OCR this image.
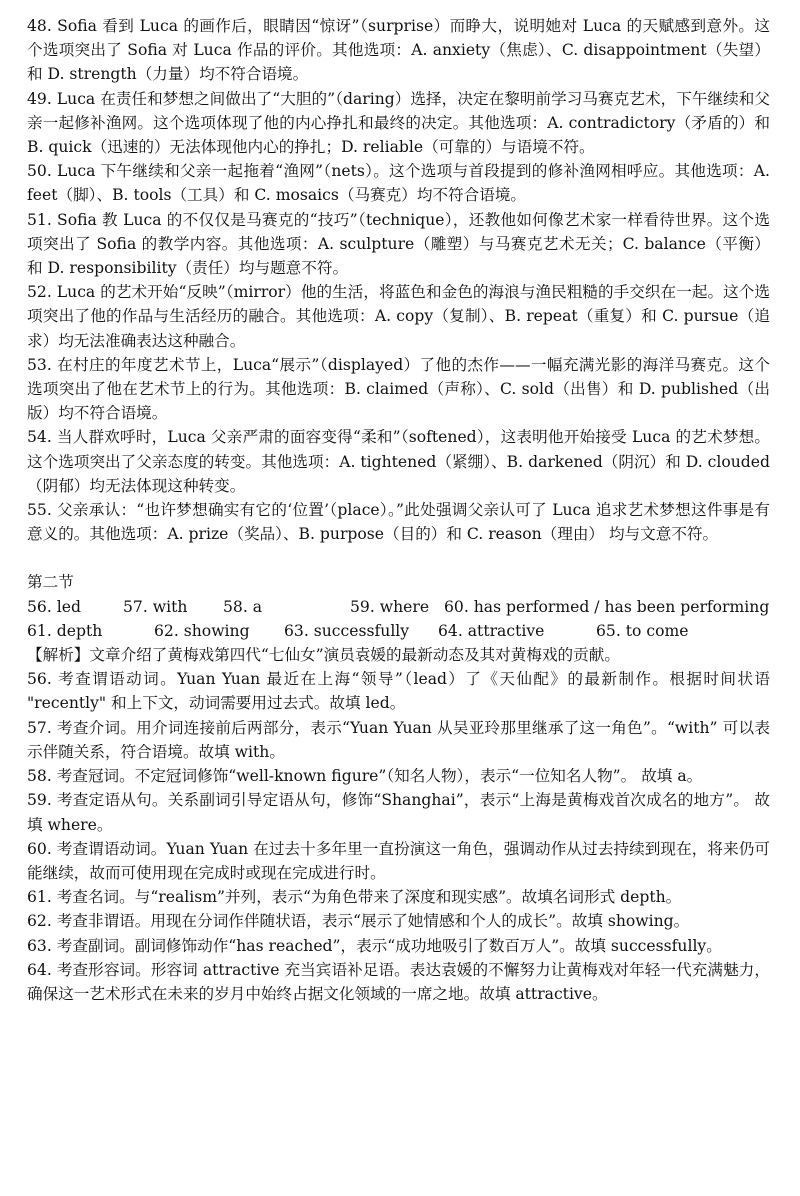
48. Sofia 看到 Luca 的画作后，眼睛因“惊讶”（surprise）而睁大，说明她对 Luca 的天赋感到意外。这个选项突出了 Sofia 对 Luca 作品的评价。其他选项：A. anxiety（焦虑）、C. disappointment（失望）和 D. strength（力量）均不符合语境。

49. Luca 在责任和梦想之间做出了“大胆的”（daring）选择，决定在黎明前学习马赛克艺术，下午继续和父亲一起修补渔网。这个选项体现了他的内心挣扎和最终的决定。其他选项：A. contradictory（矛盾的）和 B. quick（迅速的）无法体现他内心的挣扎；D. reliable（可靠的）与语境不符。

50. Luca 下午继续和父亲一起拖着“渔网”（nets）。这个选项与首段提到的修补渔网相呼应。其他选项：A. feet（脚）、B. tools（工具）和 C. mosaics（马赛克）均不符合语境。

51. Sofia 教 Luca 的不仅仅是马赛克的“技巧”（technique），还教他如何像艺术家一样看待世界。这个选项突出了 Sofia 的教学内容。其他选项：A. sculpture（雕塑）与马赛克艺术无关；C. balance（平衡）和 D. responsibility（责任）均与题意不符。

52. Luca 的艺术开始“反映”（mirror）他的生活，将蓝色和金色的海浪与渔民粗糙的手交织在一起。这个选项突出了他的作品与生活经历的融合。其他选项：A. copy（复制）、B. repeat（重复）和 C. pursue（追求）均无法准确表达这种融合。

53. 在村庄的年度艺术节上，Luca“展示”（displayed）了他的杰作——一幅充满光影的海洋马赛克。这个选项突出了他在艺术节上的行为。其他选项：B. claimed（声称）、C. sold（出售）和 D. published（出版）均不符合语境。

54. 当人群欢呼时，Luca 父亲严肃的面容变得“柔和”（softened），这表明他开始接受 Luca 的艺术梦想。这个选项突出了父亲态度的转变。其他选项：A. tightened（紧绷）、B. darkened（阴沉）和 D. clouded（阴郁）均无法体现这种转变。

55. 父亲承认：“也许梦想确实有它的‘位置’（place）。”此处强调父亲认可了 Luca 追求艺术梦想这件事是有意义的。其他选项：A. prize（奖品）、B. purpose（目的）和 C. reason（理由） 均与文意不符。

第二节

56. led	57. with	58. a	59. where 60. has performed / has been performing
61. depth	62. showing	63. successfully	64. attractive	65. to come

【解析】文章介绍了黄梅戏第四代“七仙女”演员袁媛的最新动态及其对黄梅戏的贡献。

56. 考查谓语动词。Yuan Yuan 最近在上海“领导”（lead）了《天仙配》的最新制作。根据时间状语 "recently" 和上下文，动词需要用过去式。故填 led。

57. 考查介词。用介词连接前后两部分，表示“Yuan Yuan 从吴亚玲那里继承了这一角色”。“with” 可以表示伴随关系，符合语境。故填 with。

58. 考查冠词。不定冠词修饰“well-known figure”（知名人物），表示“一位知名人物”。 故填 a。

59. 考查定语从句。关系副词引导定语从句，修饰“Shanghai”，表示“上海是黄梅戏首次成名的地方”。 故填 where。

60. 考查谓语动词。Yuan Yuan 在过去十多年里一直扮演这一角色，强调动作从过去持续到现在，将来仍可能继续，故而可使用现在完成时或现在完成进行时。

61. 考查名词。与“realism”并列，表示“为角色带来了深度和现实感”。故填名词形式 depth。

62. 考查非谓语。用现在分词作伴随状语，表示“展示了她情感和个人的成长”。故填 showing。

63. 考查副词。副词修饰动作“has reached”，表示“成功地吸引了数百万人”。故填 successfully。

64. 考查形容词。形容词 attractive 充当宾语补足语。表达袁媛的不懈努力让黄梅戏对年轻一代充满魅力，确保这一艺术形式在未来的岁月中始终占据文化领域的一席之地。故填 attractive。
